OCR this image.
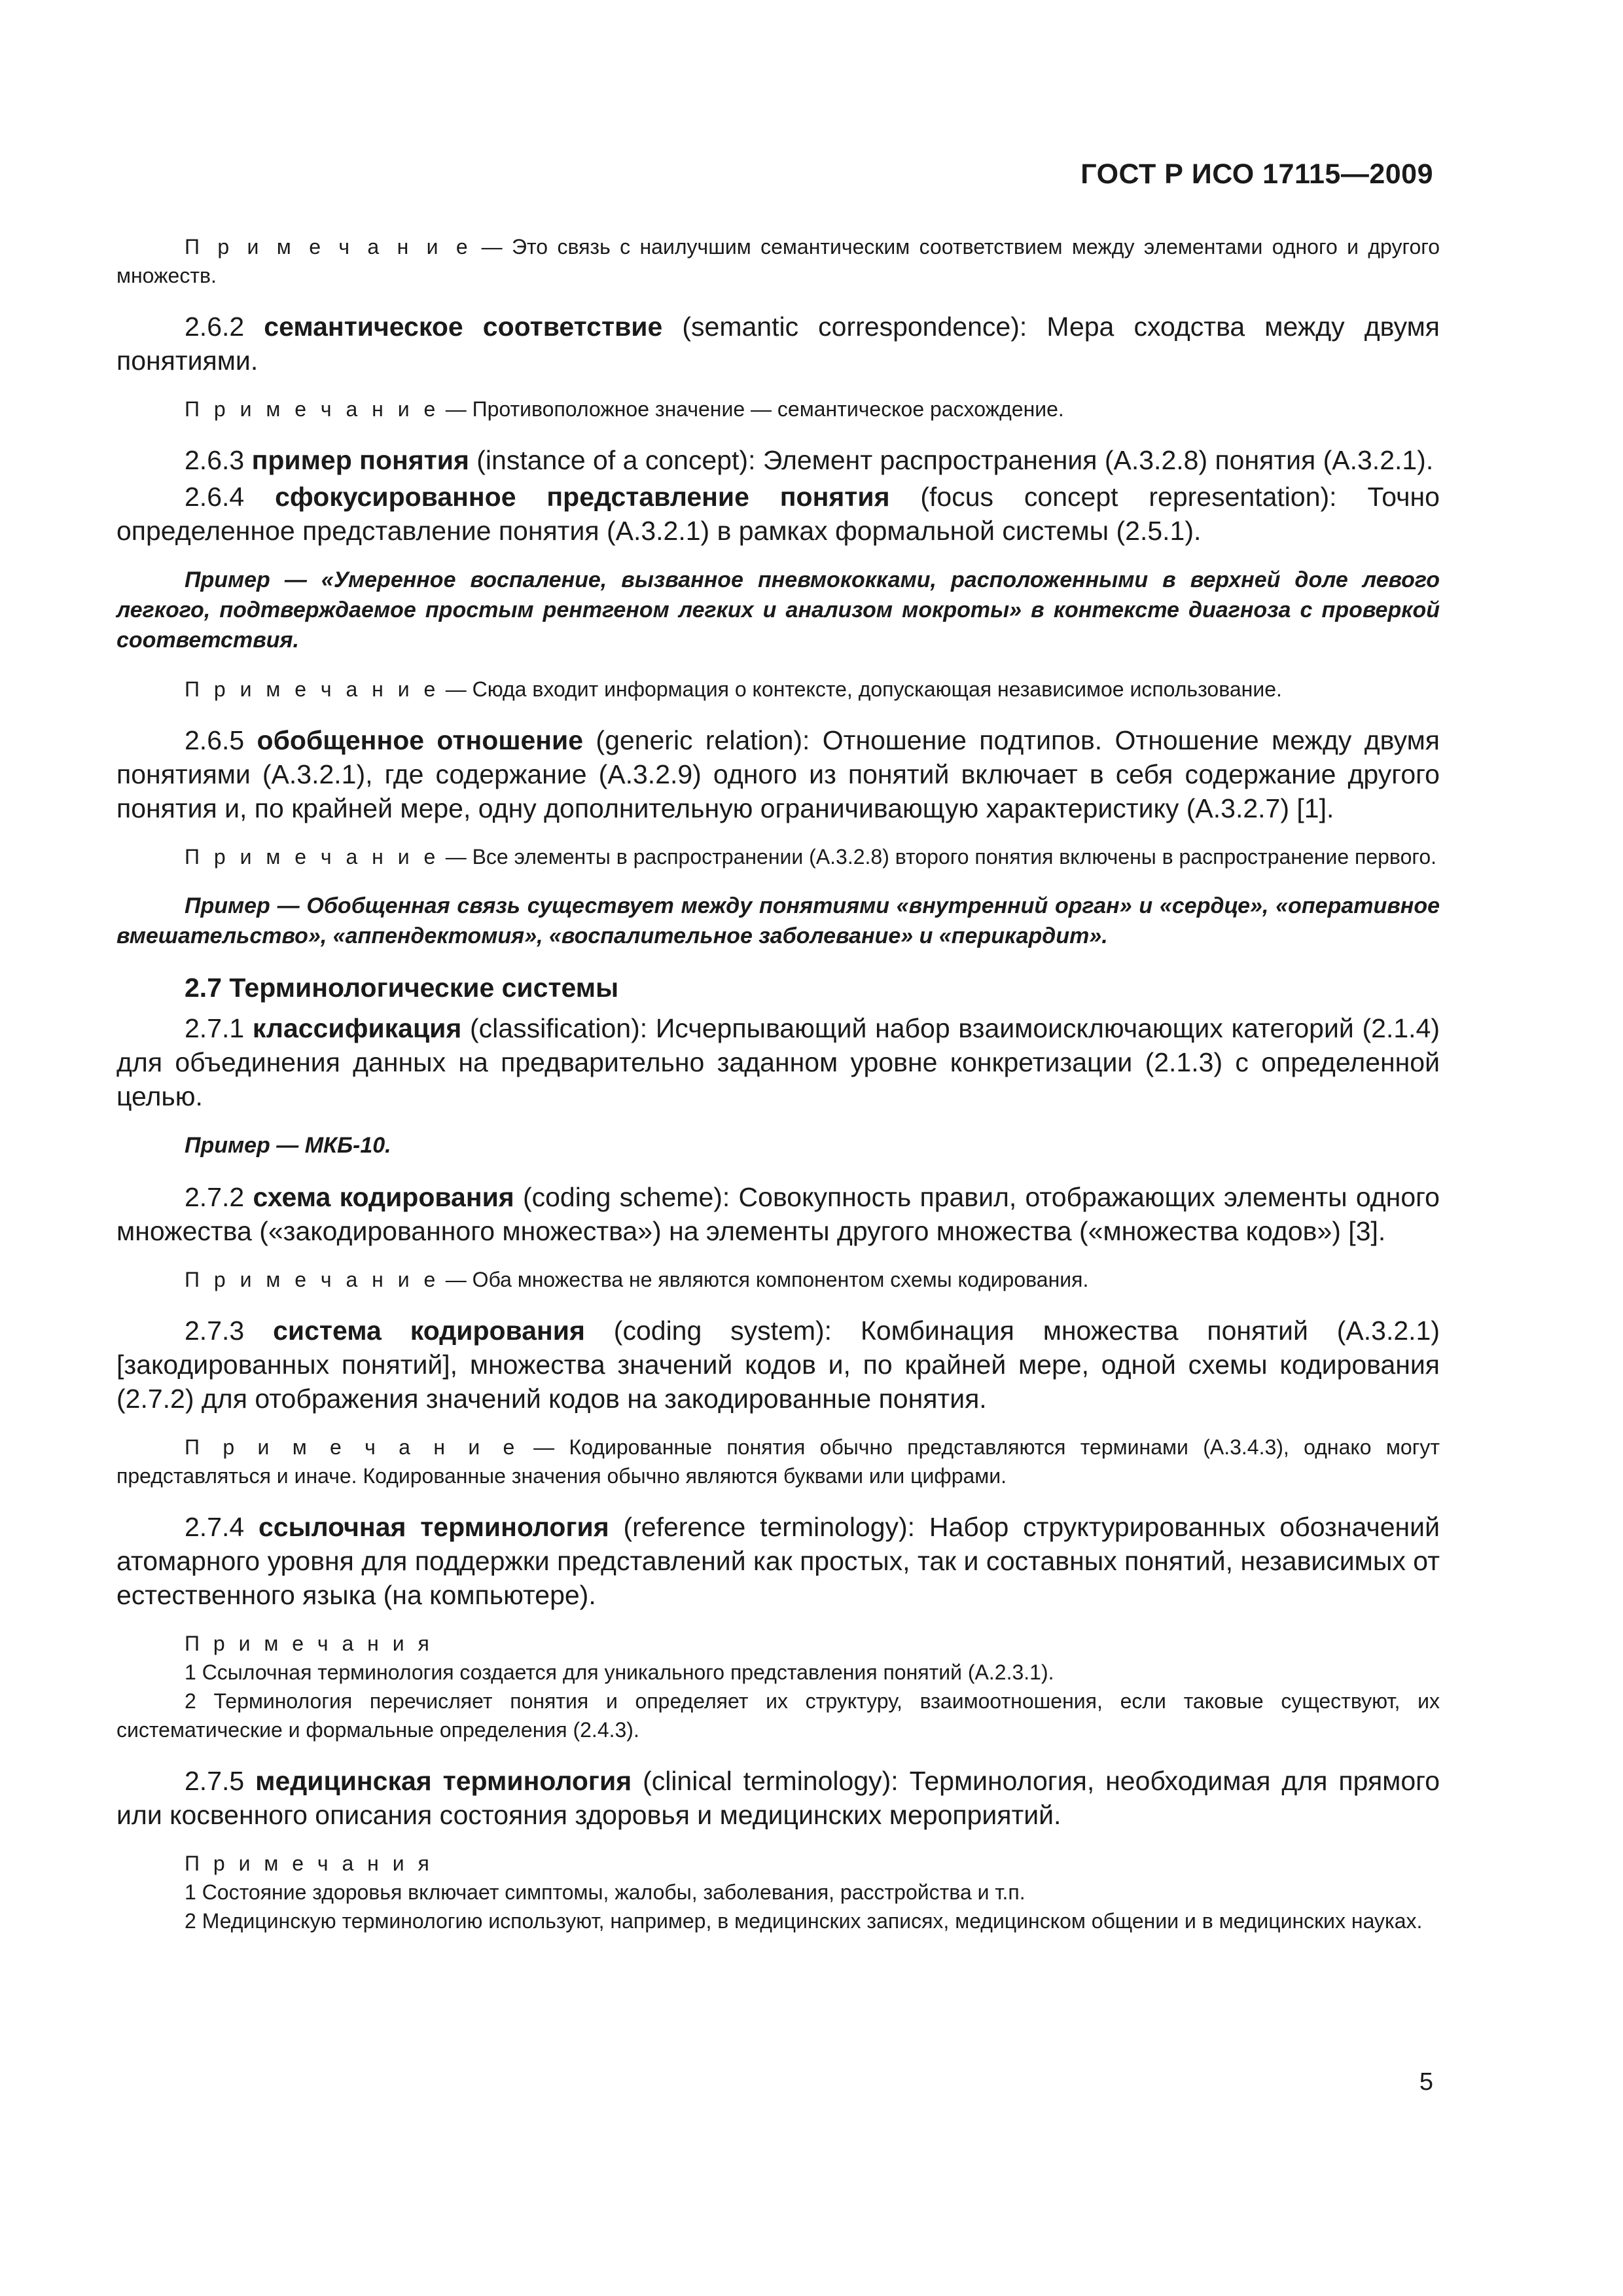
ГОСТ Р ИСО 17115—2009

П р и м е ч а н и е — Это связь с наилучшим семантическим соответствием между элементами одного и другого множеств.

2.6.2 семантическое соответствие (semantic correspondence): Мера сходства между двумя понятиями.

П р и м е ч а н и е — Противоположное значение — семантическое расхождение.

2.6.3 пример понятия (instance of a concept): Элемент распространения (А.3.2.8) понятия (А.3.2.1).

2.6.4 сфокусированное представление понятия (focus concept representation): Точно определенное представление понятия (А.3.2.1) в рамках формальной системы (2.5.1).

Пример — «Умеренное воспаление, вызванное пневмококками, расположенными в верхней доле левого легкого, подтверждаемое простым рентгеном легких и анализом мокроты» в контексте диагноза с проверкой соответствия.

П р и м е ч а н и е — Сюда входит информация о контексте, допускающая независимое использование.

2.6.5 обобщенное отношение (generic relation): Отношение подтипов. Отношение между двумя понятиями (А.3.2.1), где содержание (А.3.2.9) одного из понятий включает в себя содержание другого понятия и, по крайней мере, одну дополнительную ограничивающую характеристику (А.3.2.7) [1].

П р и м е ч а н и е — Все элементы в распространении (А.3.2.8) второго понятия включены в распространение первого.

Пример — Обобщенная связь существует между понятиями «внутренний орган» и «сердце», «оперативное вмешательство», «аппендектомия», «воспалительное заболевание» и «перикардит».

2.7 Терминологические системы

2.7.1 классификация (classification): Исчерпывающий набор взаимоисключающих категорий (2.1.4) для объединения данных на предварительно заданном уровне конкретизации (2.1.3) с определенной целью.

Пример — МКБ-10.

2.7.2 схема кодирования (coding scheme): Совокупность правил, отображающих элементы одного множества («закодированного множества») на элементы другого множества («множества кодов») [3].

П р и м е ч а н и е — Оба множества не являются компонентом схемы кодирования.

2.7.3 система кодирования (coding system): Комбинация множества понятий (А.3.2.1) [закодированных понятий], множества значений кодов и, по крайней мере, одной схемы кодирования (2.7.2) для отображения значений кодов на закодированные понятия.

П р и м е ч а н и е — Кодированные понятия обычно представляются терминами (А.3.4.3), однако могут представляться и иначе. Кодированные значения обычно являются буквами или цифрами.

2.7.4 ссылочная терминология (reference terminology): Набор структурированных обозначений атомарного уровня для поддержки представлений как простых, так и составных понятий, независимых от естественного языка (на компьютере).

П р и м е ч а н и я

1 Ссылочная терминология создается для уникального представления понятий (А.2.3.1).

2 Терминология перечисляет понятия и определяет их структуру, взаимоотношения, если таковые существуют, их систематические и формальные определения (2.4.3).

2.7.5 медицинская терминология (clinical terminology): Терминология, необходимая для прямого или косвенного описания состояния здоровья и медицинских мероприятий.

П р и м е ч а н и я

1 Состояние здоровья включает симптомы, жалобы, заболевания, расстройства и т.п.

2 Медицинскую терминологию используют, например, в медицинских записях, медицинском общении и в медицинских науках.

5
